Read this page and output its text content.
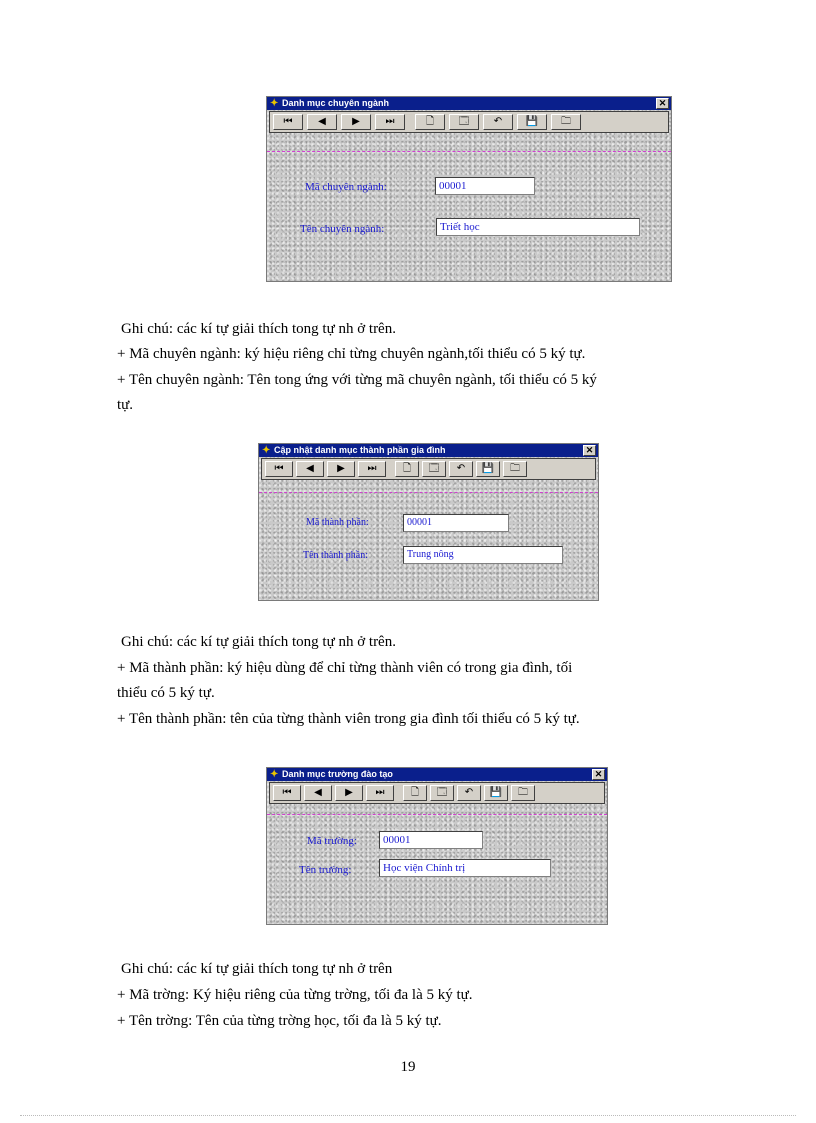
✦ Danh mục chuyên ngành	✕
⏮	◀	▶	⏭	🗋	🗔	↶	💾	🗀
Mã chuyên ngành:	00001
Tên chuyên ngành:	Triết học
Ghi chú: các kí tự giải thích tong tự nh ở trên.
+ Mã chuyên ngành: ký hiệu riêng chỉ từng chuyên ngành,tối thiểu có 5 ký tự.
+ Tên chuyên ngành: Tên tong ứng với từng mã chuyên ngành, tối thiểu có 5 ký
tự.
✦ Cập nhật danh mục thành phần gia đình	✕
⏮	◀	▶	⏭	🗋	🗔	↶	💾	🗀
Mã thành phần:	00001
Tên thành phần:	Trung nông
Ghi chú: các kí tự giải thích tong tự nh ở trên.
+ Mã thành phần: ký hiệu dùng để chỉ từng thành viên có trong gia đình, tối
thiểu có 5 ký tự.
+ Tên thành phần: tên của từng thành viên trong gia đình tối thiểu có 5 ký tự.
✦ Danh mục trường đào tạo	✕
⏮	◀	▶	⏭	🗋	🗔	↶	💾	🗀
Mã trường:	00001
Tên trường:	Học viện Chính trị
Ghi chú: các kí tự giải thích tong tự nh ở trên
+ Mã trờng: Ký hiệu riêng của từng trờng, tối đa là 5 ký tự.
+ Tên trờng: Tên của từng trờng học, tối đa là 5 ký tự.
19
